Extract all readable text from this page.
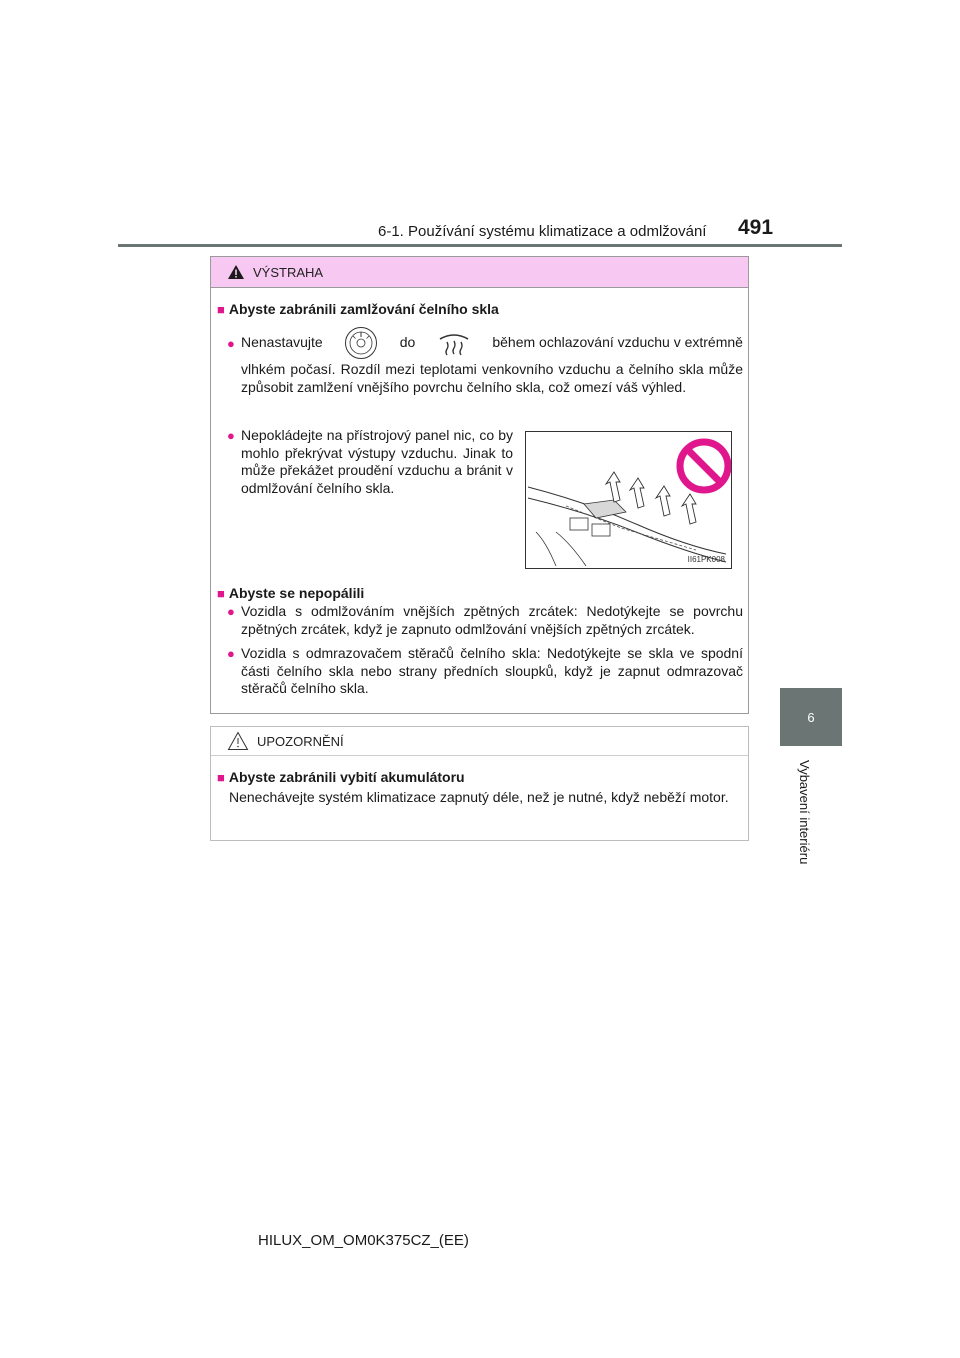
6-1. Používání systému klimatizace a odmlžování 491
6
Vybavení interiéru
VÝSTRAHA
■ Abyste zabránili zamlžování čelního skla
● Nenastavujte	do	během ochlazování vzduchu v extrémně
vlhkém počasí. Rozdíl mezi teplotami venkovního vzduchu a čelního skla může způsobit zamlžení vnějšího povrchu čelního skla, což omezí váš výhled.
● Nepokládejte na přístrojový panel nic, co by mohlo překrývat výstupy vzduchu. Jinak to může překážet proudění vzduchu a bránit v odmlžování čelního skla.
II61PK008
■ Abyste se nepopálili
● Vozidla s odmlžováním vnějších zpětných zrcátek: Nedotýkejte se povrchu zpětných zrcátek, když je zapnuto odmlžování vnějších zpětných zrcátek.
● Vozidla s odmrazovačem stěračů čelního skla: Nedotýkejte se skla ve spodní části čelního skla nebo strany předních sloupků, když je zapnut odmrazovač stěračů čelního skla.
UPOZORNĚNÍ
■ Abyste zabránili vybití akumulátoru
Nenechávejte systém klimatizace zapnutý déle, než je nutné, když neběží motor.
HILUX_OM_OM0K375CZ_(EE)
